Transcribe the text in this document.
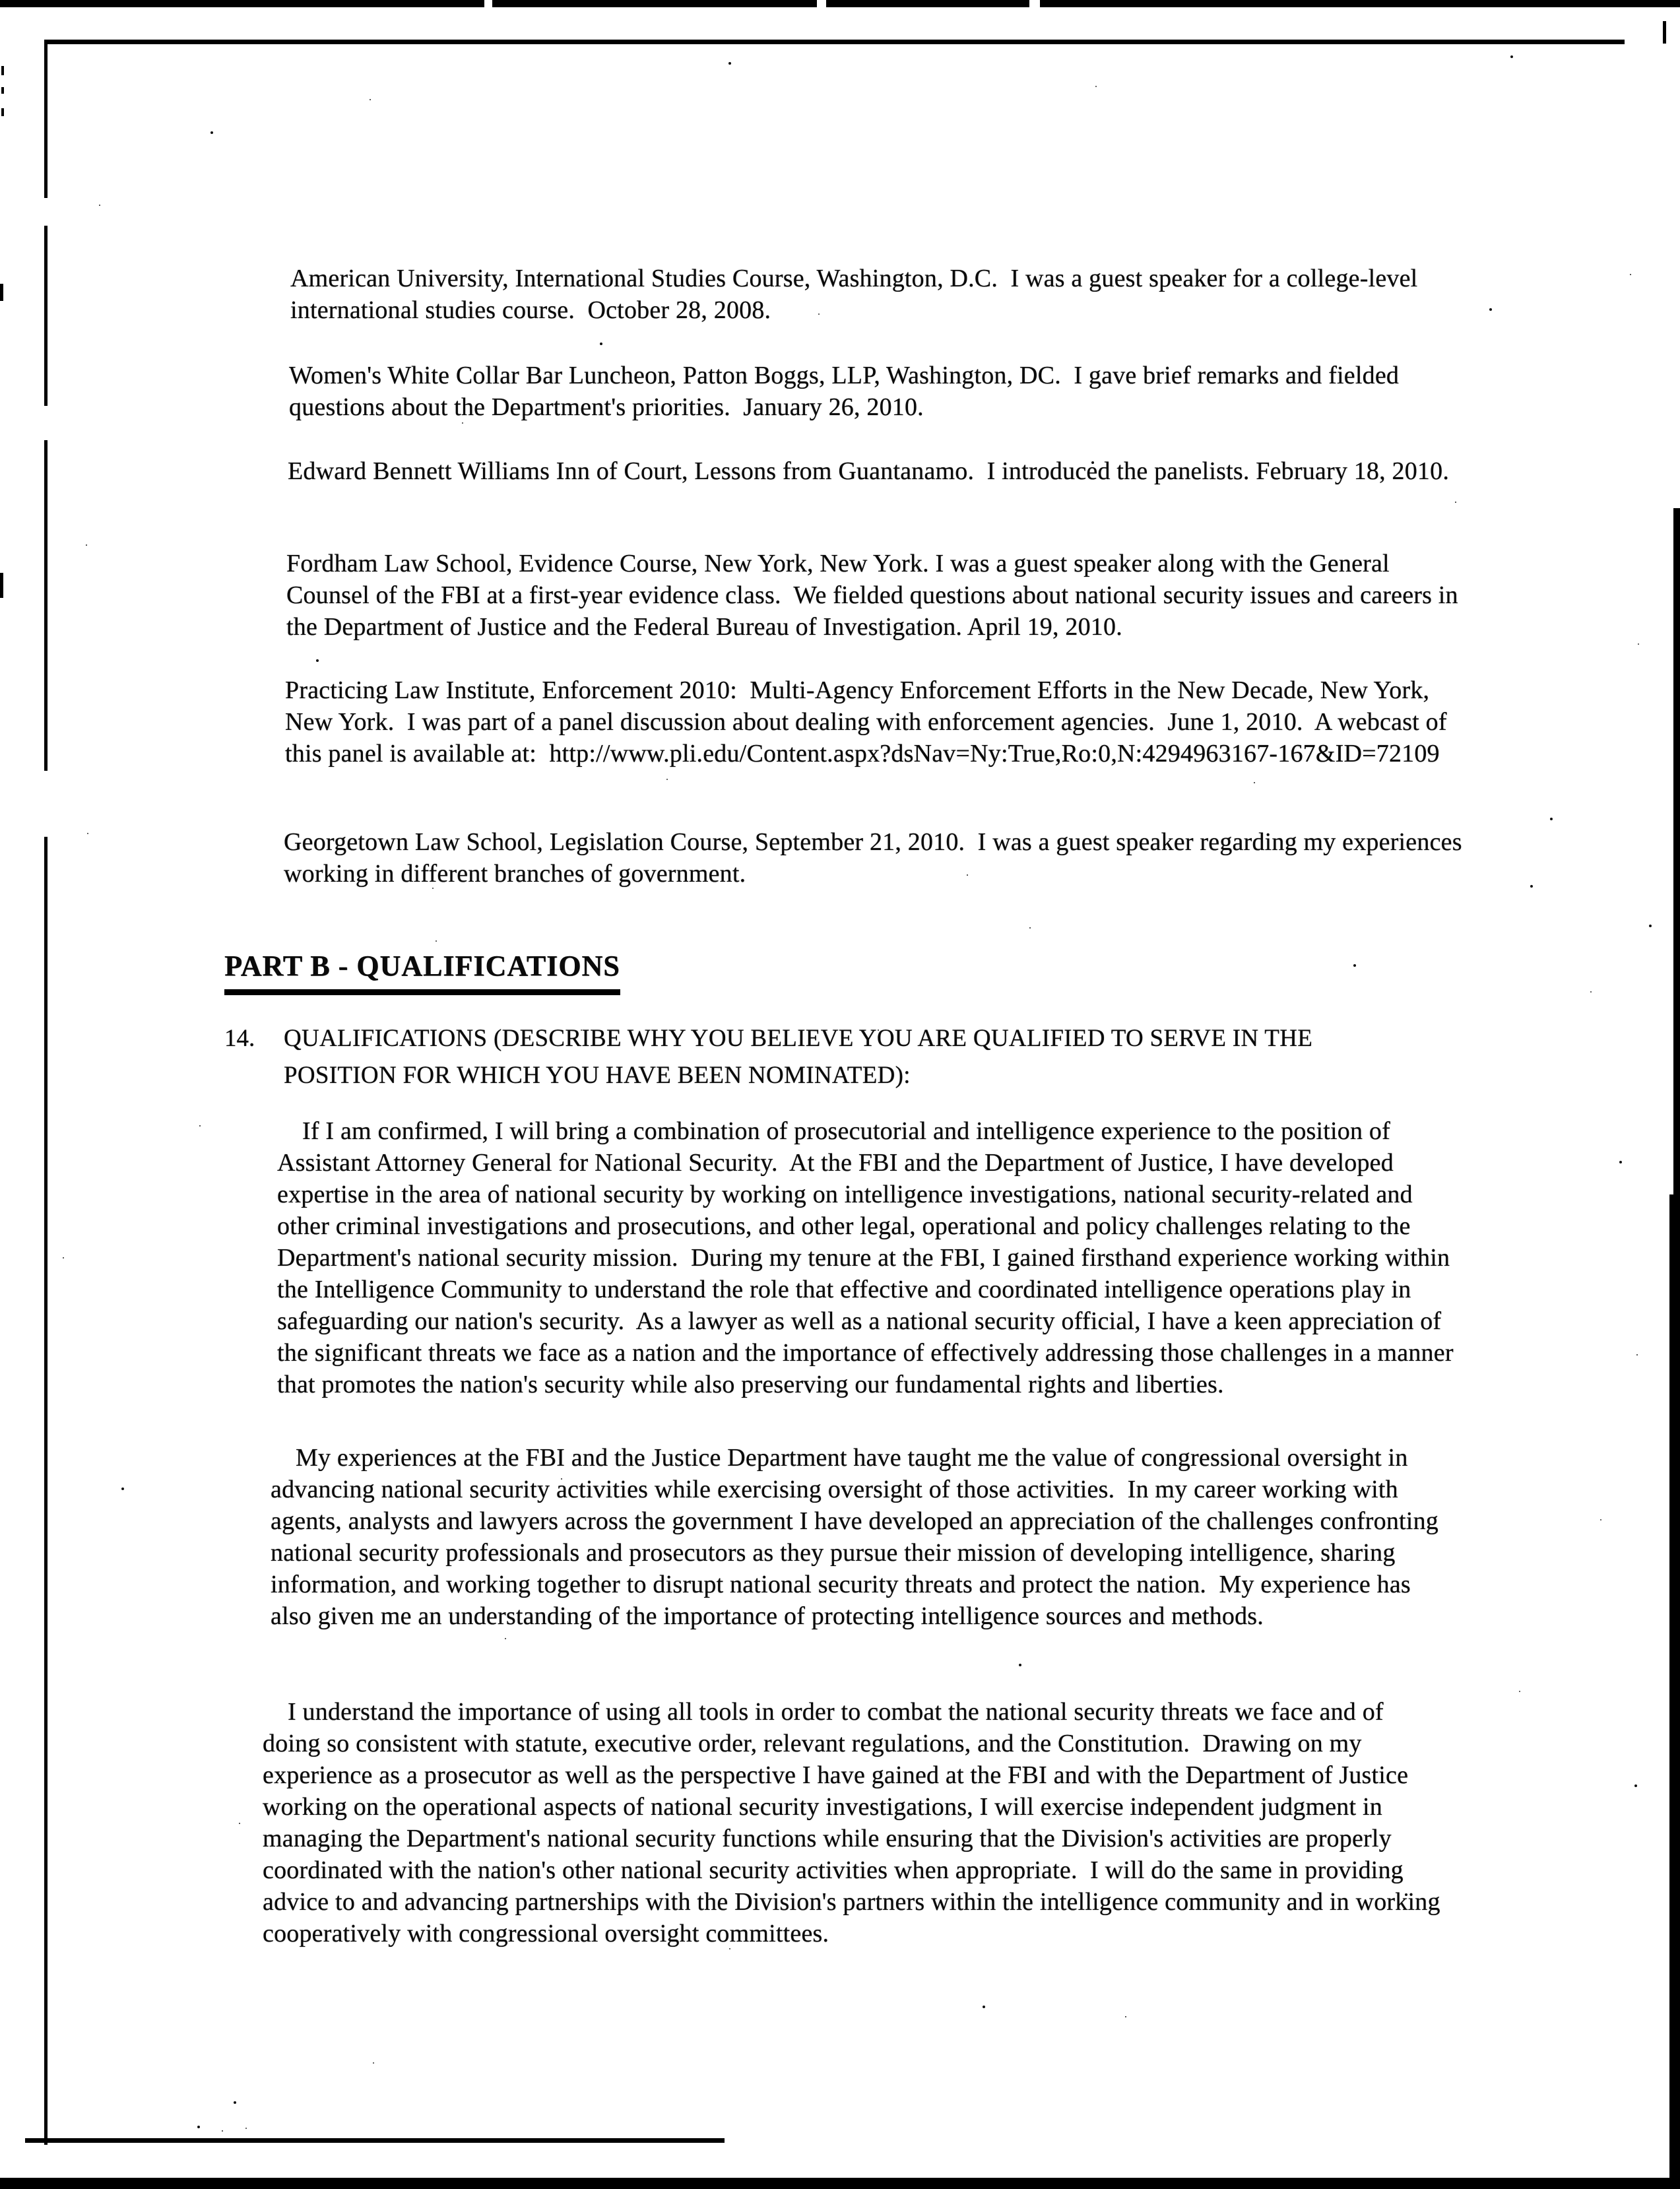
American University, International Studies Course, Washington, D.C.  I was a guest speaker for a college-level international studies course.  October 28, 2008.
Women's White Collar Bar Luncheon, Patton Boggs, LLP, Washington, DC.  I gave brief remarks and fielded questions about the Department's priorities.  January 26, 2010.
Edward Bennett Williams Inn of Court, Lessons from Guantanamo.  I introduced the panelists. February 18, 2010.
Fordham Law School, Evidence Course, New York, New York. I was a guest speaker along with the General Counsel of the FBI at a first-year evidence class.  We fielded questions about national security issues and careers in the Department of Justice and the Federal Bureau of Investigation. April 19, 2010.
Practicing Law Institute, Enforcement 2010:  Multi-Agency Enforcement Efforts in the New Decade, New York, New York.  I was part of a panel discussion about dealing with enforcement agencies.  June 1, 2010.  A webcast of this panel is available at:  http://www.pli.edu/Content.aspx?dsNav=Ny:True,Ro:0,N:4294963167-167&ID=72109
Georgetown Law School, Legislation Course, September 21, 2010.  I was a guest speaker regarding my experiences working in different branches of government.
PART B - QUALIFICATIONS
14.	QUALIFICATIONS (DESCRIBE WHY YOU BELIEVE YOU ARE QUALIFIED TO SERVE IN THE POSITION FOR WHICH YOU HAVE BEEN NOMINATED):
If I am confirmed, I will bring a combination of prosecutorial and intelligence experience to the position of Assistant Attorney General for National Security.  At the FBI and the Department of Justice, I have developed expertise in the area of national security by working on intelligence investigations, national security-related and other criminal investigations and prosecutions, and other legal, operational and policy challenges relating to the Department's national security mission.  During my tenure at the FBI, I gained firsthand experience working within the Intelligence Community to understand the role that effective and coordinated intelligence operations play in safeguarding our nation's security.  As a lawyer as well as a national security official, I have a keen appreciation of the significant threats we face as a nation and the importance of effectively addressing those challenges in a manner that promotes the nation's security while also preserving our fundamental rights and liberties.
My experiences at the FBI and the Justice Department have taught me the value of congressional oversight in advancing national security activities while exercising oversight of those activities.  In my career working with agents, analysts and lawyers across the government I have developed an appreciation of the challenges confronting national security professionals and prosecutors as they pursue their mission of developing intelligence, sharing information, and working together to disrupt national security threats and protect the nation.  My experience has also given me an understanding of the importance of protecting intelligence sources and methods.
I understand the importance of using all tools in order to combat the national security threats we face and of doing so consistent with statute, executive order, relevant regulations, and the Constitution.  Drawing on my experience as a prosecutor as well as the perspective I have gained at the FBI and with the Department of Justice working on the operational aspects of national security investigations, I will exercise independent judgment in managing the Department's national security functions while ensuring that the Division's activities are properly coordinated with the nation's other national security activities when appropriate.  I will do the same in providing advice to and advancing partnerships with the Division's partners within the intelligence community and in working cooperatively with congressional oversight committees.
